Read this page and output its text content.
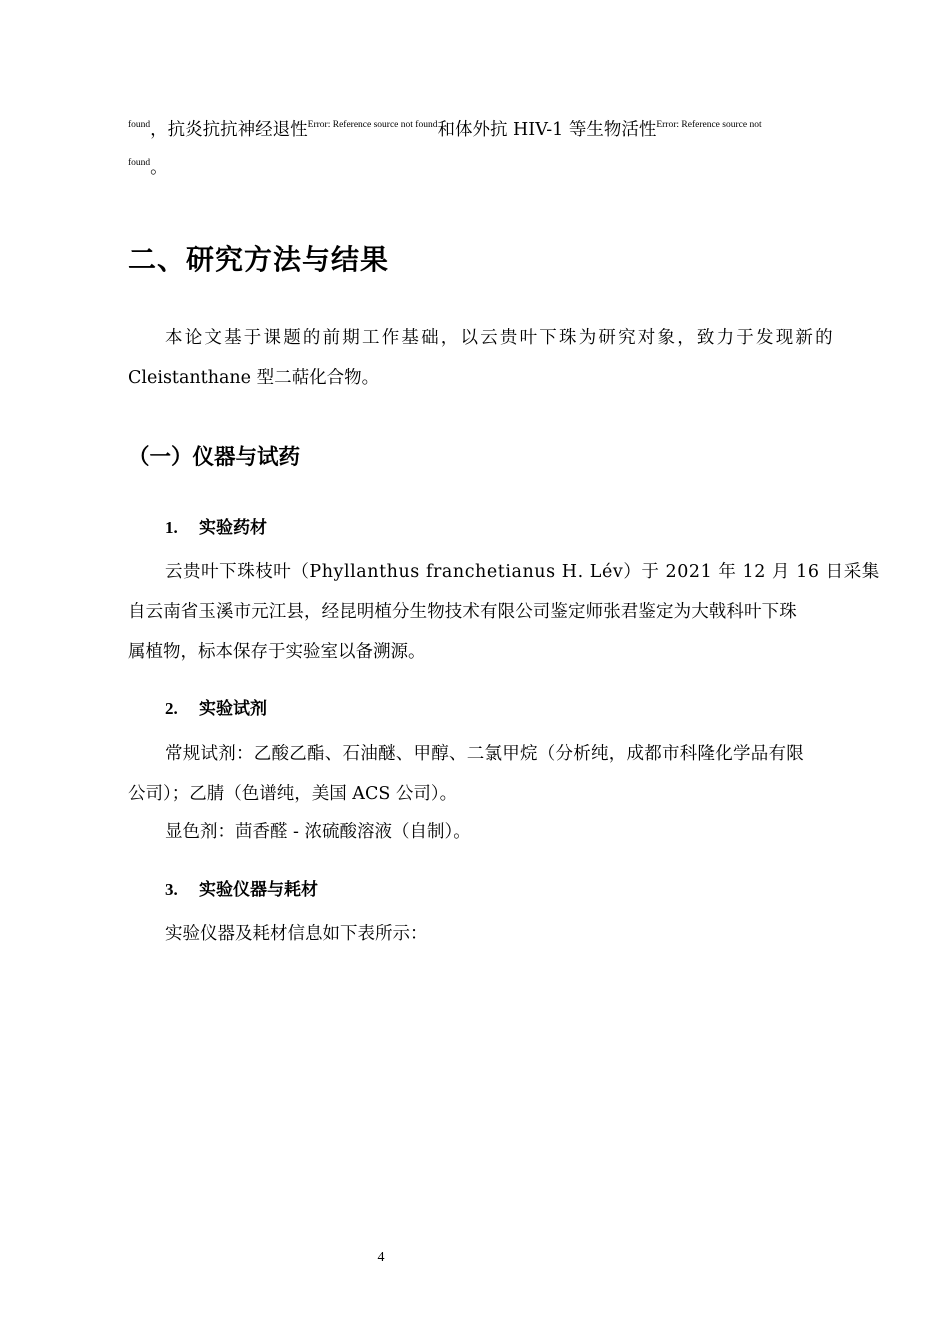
$^{found}$，抗炎抗抗神经退性$^{Error: Reference source not found}$和体外抗 HIV-1 等生物活性$^{Error: Reference source not}$
$^{found}$。
二、研究方法与结果
本论文基于课题的前期工作基础，以云贵叶下珠为研究对象，致力于发现新的
Cleistanthane 型二萜化合物。
（一）仪器与试药
1. 实验药材
云贵叶下珠枝叶（Phyllanthus franchetianus H. Lév）于 2021 年 12 月 16 日采集
自云南省玉溪市元江县，经昆明植分生物技术有限公司鉴定师张君鉴定为大戟科叶下珠
属植物，标本保存于实验室以备溯源。
2. 实验试剂
常规试剂：乙酸乙酯、石油醚、甲醇、二氯甲烷（分析纯，成都市科隆化学品有限
公司）；乙腈（色谱纯，美国 ACS 公司）。
显色剂：茴香醛 - 浓硫酸溶液（自制）。
3. 实验仪器与耗材
实验仪器及耗材信息如下表所示：
4
